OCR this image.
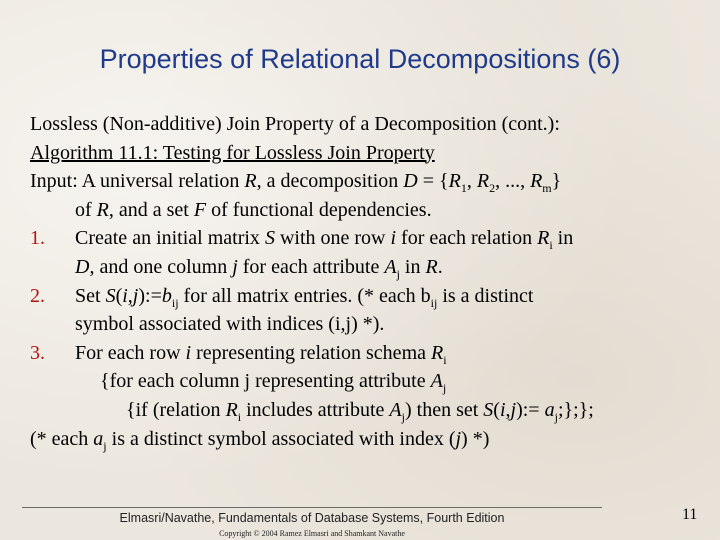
Properties of Relational Decompositions (6)
Lossless (Non-additive) Join Property of a Decomposition (cont.):
Algorithm 11.1: Testing for Lossless Join Property
Input: A universal relation R, a decomposition $D = \{R_1$, $R_2$, ..., $R_m$}
of R, and a set F of functional dependencies.
1. Create an initial matrix S with one row i for each relation $R_i$ in
D, and one column j for each attribute $A_j$ in R.
2. Set $S(i,j):=b_{ij}$ for all matrix entries. (* each $b_{ij}$ is a distinct
symbol associated with indices (i,j) *).
3. For each row i representing relation schema $R_i$
{for each column j representing attribute $A_j$
{if (relation $R_i$ includes attribute $A_j$) then set S(i,j):= $a_j$;};};
(* each $a_j$ is a distinct symbol associated with index (j) *)
Elmasri/Navathe, Fundamentals of Database Systems, Fourth Edition
Copyright © 2004 Ramez Elmasri and Shamkant Navathe
11
